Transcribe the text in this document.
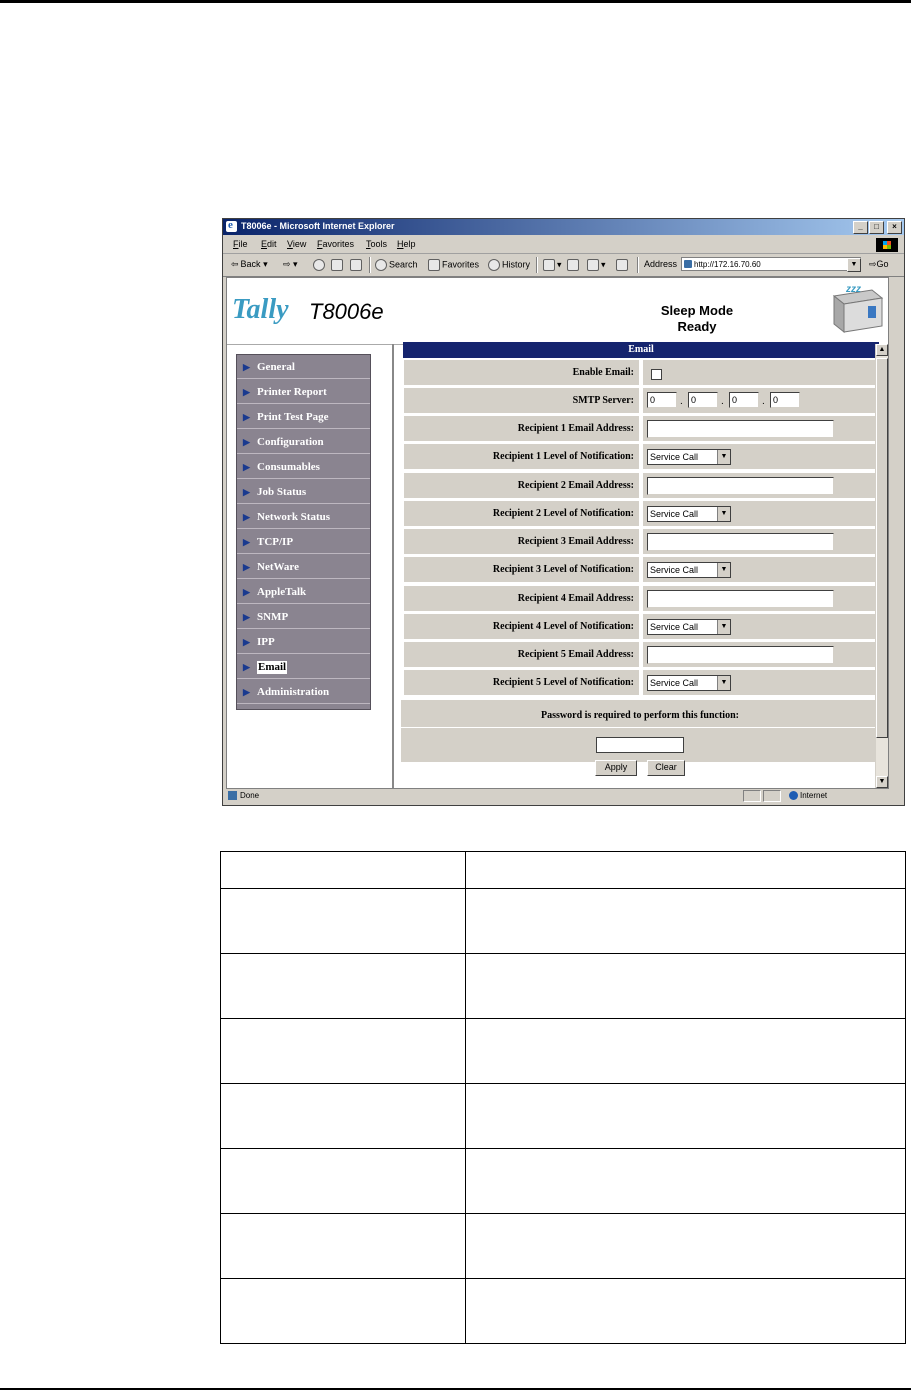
e
T8006e - Microsoft Internet Explorer	_	□	×
File Edit View Favorites Tools Help
⇦ Back ▾ ⇨ ▾	Search	Favorites	History	▾	▾	Address	http://172.16.70.60	▼	⇨Go
Tally T8006e	Sleep Mode
Ready
zzz
▶ General
▶ Printer Report
▶ Print Test Page
▶ Configuration
▶ Consumables
▶ Job Status
▶ Network Status
▶ TCP/IP
▶ NetWare
▶ AppleTalk
▶ SNMP
▶ IPP
▶ Email
▶ Administration
Email
Enable Email:
SMTP Server:	0	. 0	. 0	. 0
Recipient 1 Email Address:
Recipient 1 Level of Notification:	Service Call	▼
Recipient 2 Email Address:
Recipient 2 Level of Notification:	Service Call	▼
Recipient 3 Email Address:
Recipient 3 Level of Notification:	Service Call	▼
Recipient 4 Email Address:
Recipient 4 Level of Notification:	Service Call	▼
Recipient 5 Email Address:
Recipient 5 Level of Notification:	Service Call	▼
Password is required to perform this function:
Apply	Clear
▲
▼
Done	Internet
